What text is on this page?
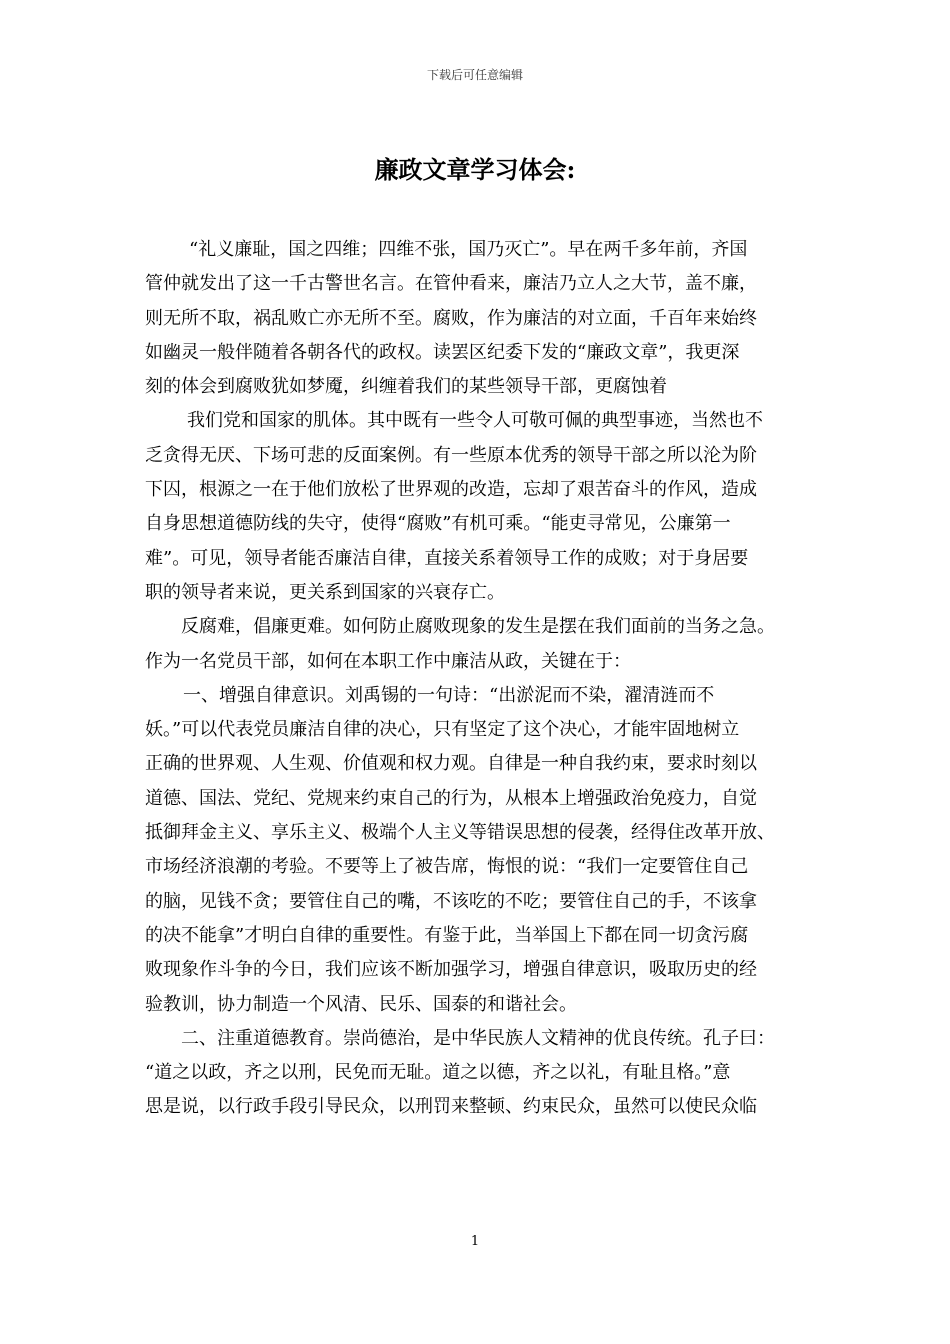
下载后可任意编辑
廉政文章学习体会:
“礼义廉耻，国之四维；四维不张，国乃灭亡”。早在两千多年前，齐国
管仲就发出了这一千古警世名言。在管仲看来，廉洁乃立人之大节，盖不廉，
则无所不取，祸乱败亡亦无所不至。腐败，作为廉洁的对立面，千百年来始终
如幽灵一般伴随着各朝各代的政权。读罢区纪委下发的“廉政文章”，我更深
刻的体会到腐败犹如梦魇，纠缠着我们的某些领导干部，更腐蚀着
我们党和国家的肌体。其中既有一些令人可敬可佩的典型事迹，当然也不
乏贪得无厌、下场可悲的反面案例。有一些原本优秀的领导干部之所以沦为阶
下囚，根源之一在于他们放松了世界观的改造，忘却了艰苦奋斗的作风，造成
自身思想道德防线的失守，使得“腐败”有机可乘。“能吏寻常见，公廉第一
难”。可见，领导者能否廉洁自律，直接关系着领导工作的成败；对于身居要
职的领导者来说，更关系到国家的兴衰存亡。
反腐难，倡廉更难。如何防止腐败现象的发生是摆在我们面前的当务之急。
作为一名党员干部，如何在本职工作中廉洁从政，关键在于：
一、增强自律意识。刘禹锡的一句诗：“出淤泥而不染，濯清涟而不
妖。”可以代表党员廉洁自律的决心，只有坚定了这个决心，才能牢固地树立
正确的世界观、人生观、价值观和权力观。自律是一种自我约束，要求时刻以
道德、国法、党纪、党规来约束自己的行为，从根本上增强政治免疫力，自觉
抵御拜金主义、享乐主义、极端个人主义等错误思想的侵袭，经得住改革开放、
市场经济浪潮的考验。不要等上了被告席，悔恨的说：“我们一定要管住自己
的脑，见钱不贪；要管住自己的嘴，不该吃的不吃；要管住自己的手，不该拿
的决不能拿”才明白自律的重要性。有鉴于此，当举国上下都在同一切贪污腐
败现象作斗争的今日，我们应该不断加强学习，增强自律意识，吸取历史的经
验教训，协力制造一个风清、民乐、国泰的和谐社会。
二、注重道德教育。崇尚德治，是中华民族人文精神的优良传统。孔子曰：
“道之以政，齐之以刑，民免而无耻。道之以德，齐之以礼，有耻且格。”意
思是说，以行政手段引导民众，以刑罚来整顿、约束民众，虽然可以使民众临
1
